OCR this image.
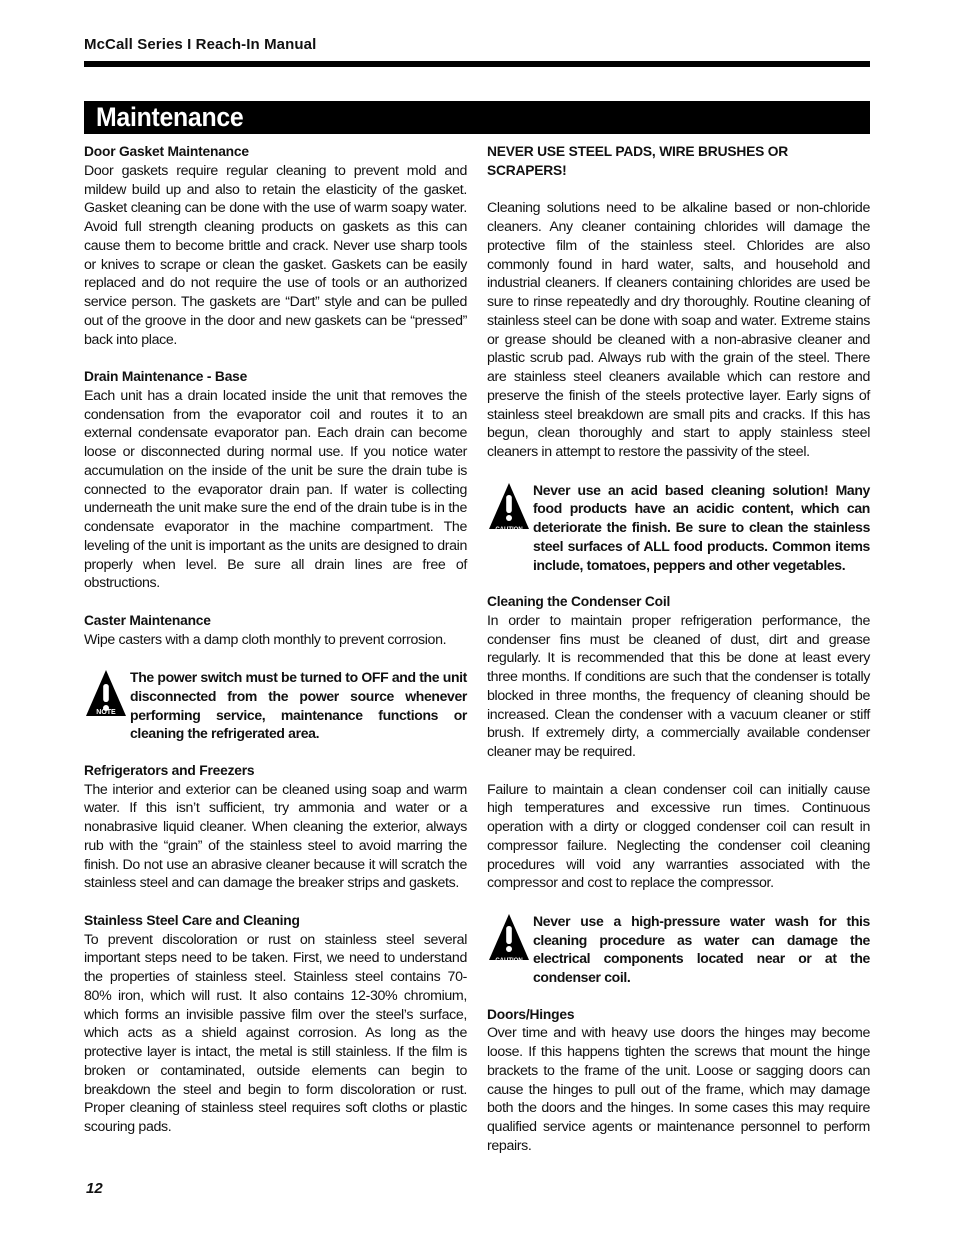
McCall Series I Reach-In Manual
Maintenance

Door Gasket Maintenance

Door gaskets require regular cleaning to prevent mold and mildew build up and also to retain the elasticity of the gasket. Gasket cleaning can be done with the use of warm soapy water. Avoid full strength cleaning products on gaskets as this can cause them to become brittle and crack. Never use sharp tools or knives to scrape or clean the gasket. Gaskets can be easily replaced and do not require the use of tools or an authorized service person. The gaskets are “Dart” style and can be pulled out of the groove in the door and new gaskets can be “pressed” back into place.

Drain Maintenance - Base

Each unit has a drain located inside the unit that removes the condensation from the evaporator coil and routes it to an external condensate evaporator pan. Each drain can become loose or disconnected during normal use. If you notice water accumulation on the inside of the unit be sure the drain tube is connected to the evaporator drain pan. If water is collecting underneath the unit make sure the end of the drain tube is in the condensate evaporator in the machine compartment. The leveling of the unit is important as the units are designed to drain properly when level. Be sure all drain lines are free of obstructions.

Caster Maintenance

Wipe casters with a damp cloth monthly to prevent corrosion.

NOTE

The power switch must be turned to OFF and the unit disconnected from the power source whenever performing service, maintenance functions or cleaning the refrigerated area.

Refrigerators and Freezers

The interior and exterior can be cleaned using soap and warm water. If this isn’t sufficient, try ammonia and water or a nonabrasive liquid cleaner. When cleaning the exterior, always rub with the “grain” of the stainless steel to avoid marring the finish. Do not use an abrasive cleaner because it will scratch the stainless steel and can damage the breaker strips and gaskets.

Stainless Steel Care and Cleaning

To prevent discoloration or rust on stainless steel several important steps need to be taken. First, we need to understand the properties of stainless steel. Stainless steel contains 70- 80% iron, which will rust. It also contains 12-30% chromium, which forms an invisible passive film over the steel’s surface, which acts as a shield against corrosion. As long as the protective layer is intact, the metal is still stainless. If the film is broken or contaminated, outside elements can begin to breakdown the steel and begin to form discoloration or rust. Proper cleaning of stainless steel requires soft cloths or plastic scouring pads.

NEVER USE STEEL PADS, WIRE BRUSHES OR SCRAPERS!

Cleaning solutions need to be alkaline based or non-chloride cleaners. Any cleaner containing chlorides will damage the protective film of the stainless steel. Chlorides are also commonly found in hard water, salts, and household and industrial cleaners. If cleaners containing chlorides are used be sure to rinse repeatedly and dry thoroughly. Routine cleaning of stainless steel can be done with soap and water. Extreme stains or grease should be cleaned with a non-abrasive cleaner and plastic scrub pad. Always rub with the grain of the steel. There are stainless steel cleaners available which can restore and preserve the finish of the steels protective layer. Early signs of stainless steel breakdown are small pits and cracks. If this has begun, clean thoroughly and start to apply stainless steel cleaners in attempt to restore the passivity of the steel.

CAUTION

Never use an acid based cleaning solution! Many food products have an acidic content, which can deteriorate the finish. Be sure to clean the stainless steel surfaces of ALL food products. Common items include, tomatoes, peppers and other vegetables.

Cleaning the Condenser Coil

In order to maintain proper refrigeration performance, the condenser fins must be cleaned of dust, dirt and grease regularly. It is recommended that this be done at least every three months. If conditions are such that the condenser is totally blocked in three months, the frequency of cleaning should be increased. Clean the condenser with a vacuum cleaner or stiff brush. If extremely dirty, a commercially available condenser cleaner may be required.

Failure to maintain a clean condenser coil can initially cause high temperatures and excessive run times. Continuous operation with a dirty or clogged condenser coil can result in compressor failure. Neglecting the condenser coil cleaning procedures will void any warranties associated with the compressor and cost to replace the compressor.

CAUTION

Never use a high-pressure water wash for this cleaning procedure as water can damage the electrical components located near or at the condenser coil.

Doors/Hinges

Over time and with heavy use doors the hinges may become loose. If this happens tighten the screws that mount the hinge brackets to the frame of the unit. Loose or sagging doors can cause the hinges to pull out of the frame, which may damage both the doors and the hinges. In some cases this may require qualified service agents or maintenance personnel to perform repairs.

12
